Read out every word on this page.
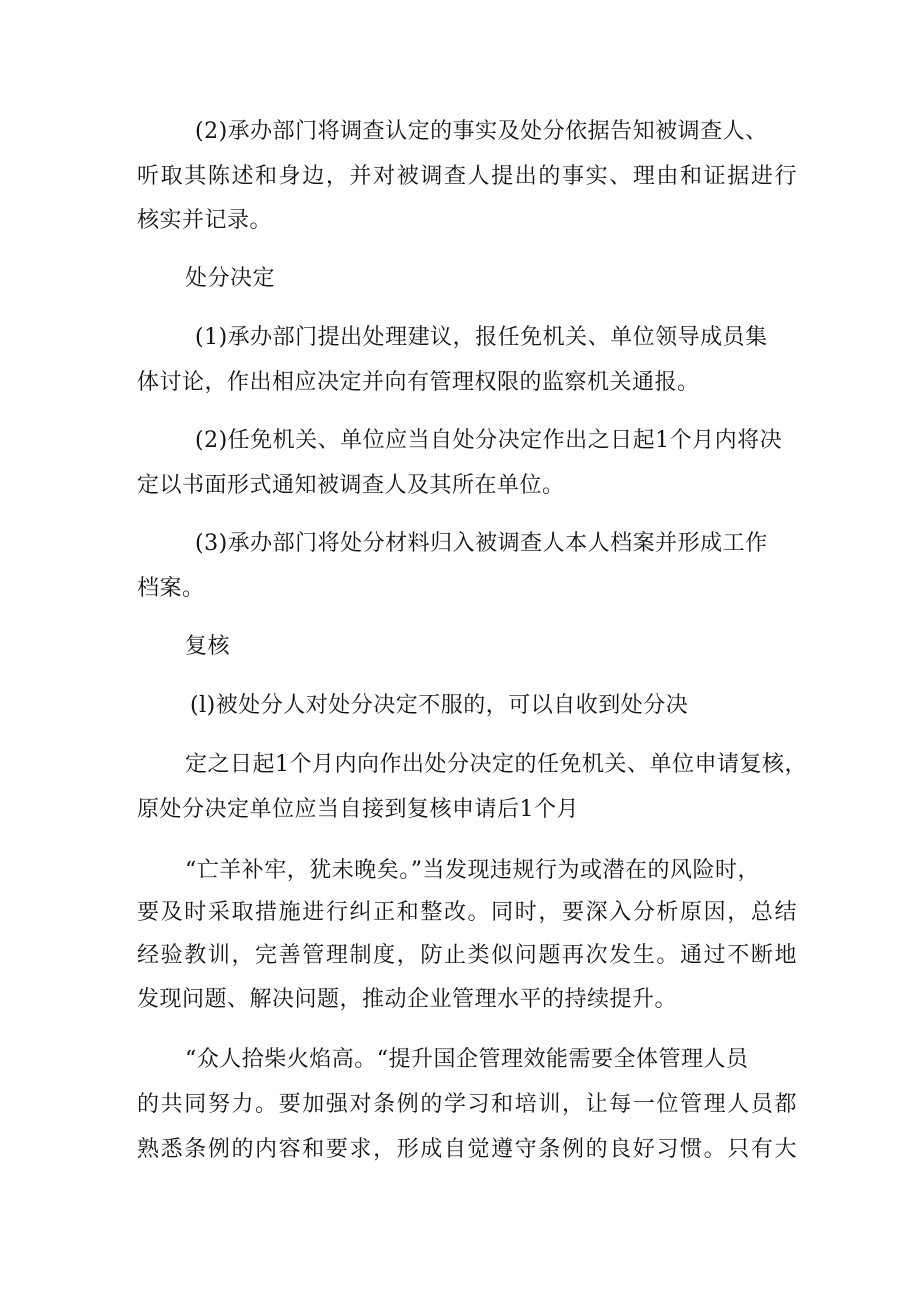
(2)承办部门将调查认定的事实及处分依据告知被调查人、
听取其陈述和身边，并对被调查人提出的事实、理由和证据进行
核实并记录。
处分决定
(1)承办部门提出处理建议，报任免机关、单位领导成员集
体讨论，作出相应决定并向有管理权限的监察机关通报。
(2)任免机关、单位应当自处分决定作出之日起1个月内将决
定以书面形式通知被调查人及其所在单位。
(3)承办部门将处分材料归入被调查人本人档案并形成工作
档案。
复核
(l)被处分人对处分决定不服的，可以自收到处分决
定之日起1个月内向作出处分决定的任免机关、单位申请复核，
原处分决定单位应当自接到复核申请后1个月
“亡羊补牢，犹未晚矣。”当发现违规行为或潜在的风险时，
要及时采取措施进行纠正和整改。同时，要深入分析原因，总结
经验教训，完善管理制度，防止类似问题再次发生。通过不断地
发现问题、解决问题，推动企业管理水平的持续提升。
“众人拾柴火焰高。“提升国企管理效能需要全体管理人员
的共同努力。要加强对条例的学习和培训，让每一位管理人员都
熟悉条例的内容和要求，形成自觉遵守条例的良好习惯。只有大
